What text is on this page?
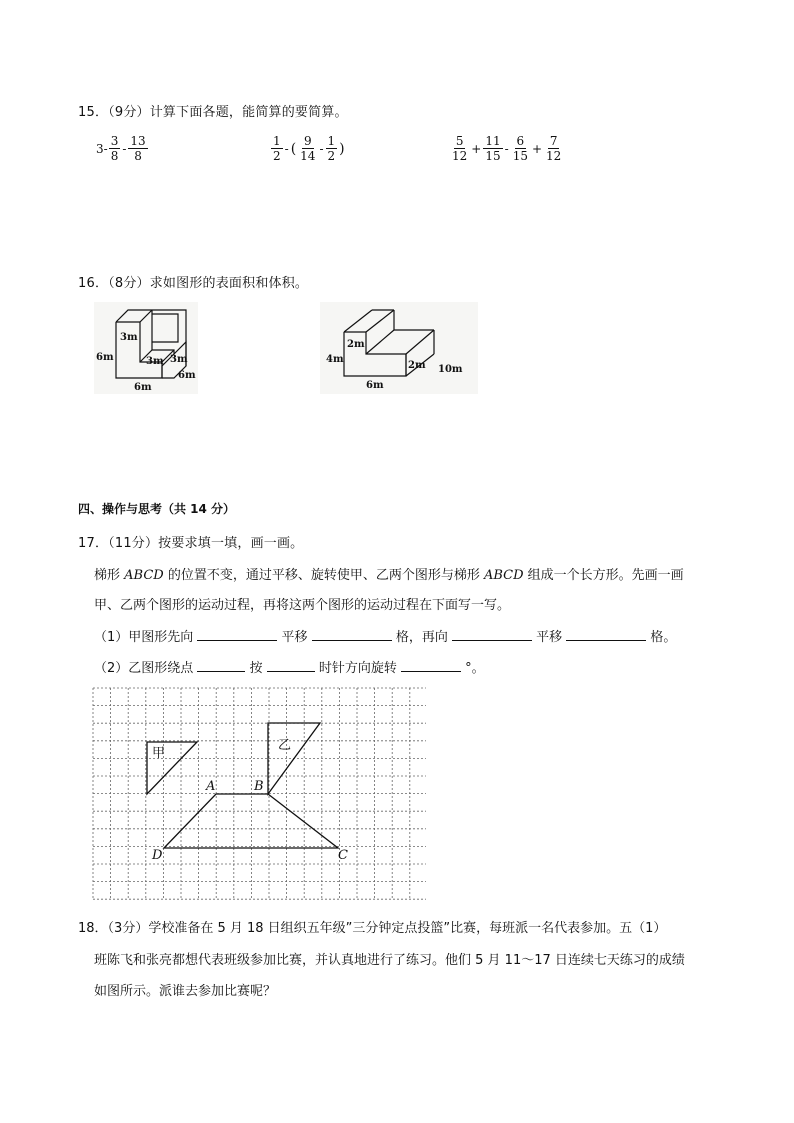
15．（9分）计算下面各题，能简算的要简算。
$3- \frac{3}{8} - \frac{13}{8}$	$\frac{1}{2}$ - ( $\frac{9}{14} - \frac{1}{2}$ )	$\frac{5}{12} + \frac{11}{15} - \frac{6}{15} + \frac{7}{12}$
16．（8分）求如图形的表面积和体积。
3m
3m 3m
6m
6m
6m
2m
4m
2m 10m
6m
四、操作与思考（共 14 分）
17．（11分）按要求填一填，画一画。
梯形 ABCD 的位置不变，通过平移、旋转使甲、乙两个图形与梯形 ABCD 组成一个长方形。先画一画
甲、乙两个图形的运动过程，再将这两个图形的运动过程在下面写一写。
（1）甲图形先向	平移	格，再向	平移	格。
（2）乙图形绕点	按	时针方向旋转	°。
甲
乙
A	B
C
D
18．（3分）学校准备在 5 月 18 日组织五年级”三分钟定点投篮”比赛，每班派一名代表参加。五（1）
班陈飞和张亮都想代表班级参加比赛，并认真地进行了练习。他们 5 月 11～17 日连续七天练习的成绩
如图所示。派谁去参加比赛呢？
